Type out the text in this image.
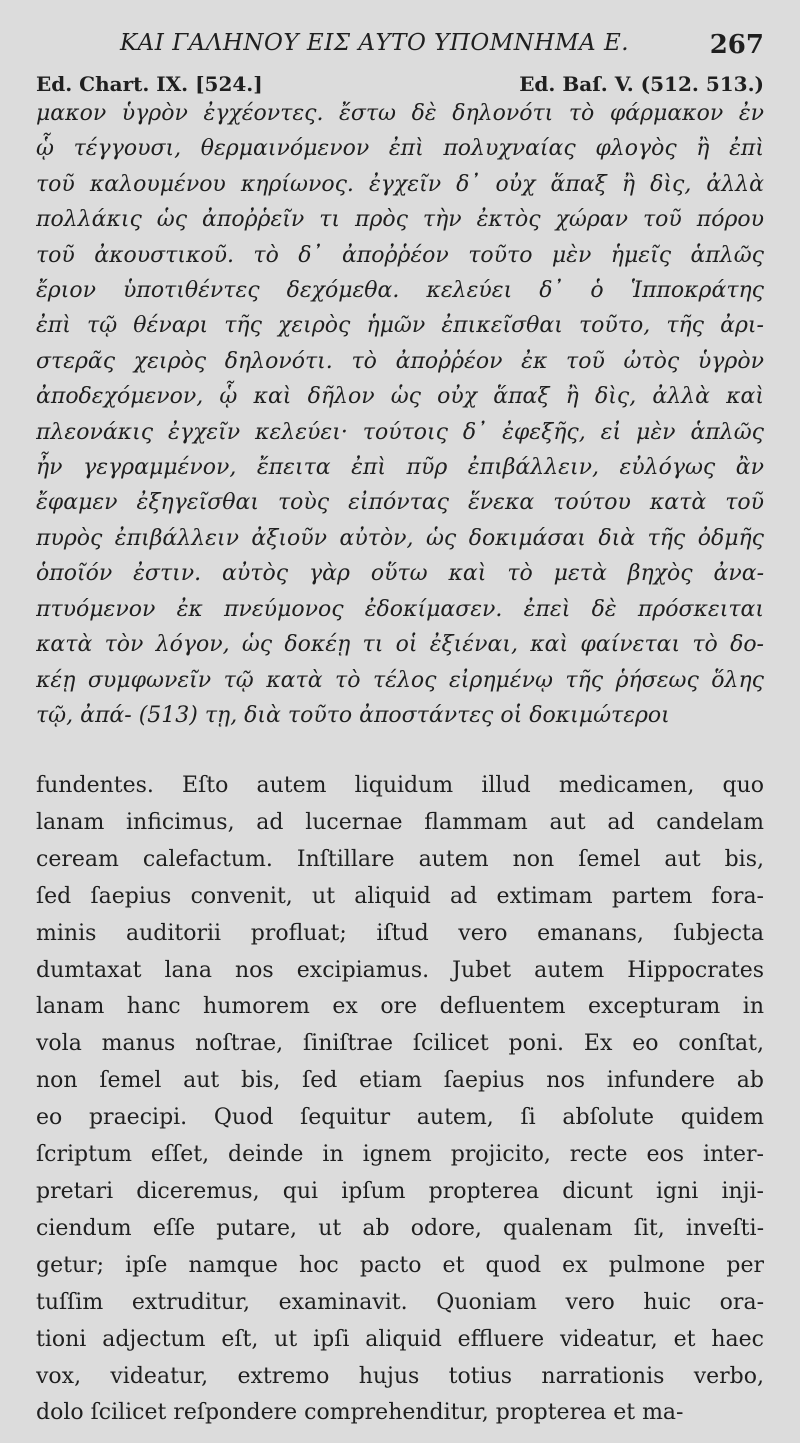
ΚΑΙ ΓΑΛΗΝΟΥ ΕΙΣ ΑΥΤΟ ΥΠΟΜΝΗΜΑ Ε.	267
Ed. Chart. IX. [524.]	Ed. Baſ. V. (512. 513.)
μακον ὑγρὸν ἐγχέοντες. ἔστω δὲ δηλονότι τὸ φάρμακον ἐν
ᾧ τέγγουσι, θερμαινόμενον ἐπὶ πολυχναίας φλογὸς ἢ ἐπὶ
τοῦ καλουμένου κηρίωνος. ἐγχεῖν δ᾽ οὐχ ἅπαξ ἢ δὶς, ἀλλὰ
πολλάκις ὡς ἀποῤῥεῖν τι πρὸς τὴν ἐκτὸς χώραν τοῦ πόρου
τοῦ ἀκουστικοῦ. τὸ δ᾽ ἀποῤῥέον τοῦτο μὲν ἡμεῖς ἁπλῶς
ἔριον ὑποτιθέντες δεχόμεθα. κελεύει δ᾽ ὁ Ἱπποκράτης
ἐπὶ τῷ θέναρι τῆς χειρὸς ἡμῶν ἐπικεῖσθαι τοῦτο, τῆς ἀρι-
στερᾶς χειρὸς δηλονότι. τὸ ἀποῤῥέον ἐκ τοῦ ὠτὸς ὑγρὸν
ἀποδεχόμενον, ᾧ καὶ δῆλον ὡς οὐχ ἅπαξ ἢ δὶς, ἀλλὰ καὶ
πλεονάκις ἐγχεῖν κελεύει· τούτοις δ᾽ ἐφεξῆς, εἰ μὲν ἁπλῶς
ἦν γεγραμμένον, ἔπειτα ἐπὶ πῦρ ἐπιβάλλειν, εὐλόγως ἂν
ἔφαμεν ἐξηγεῖσθαι τοὺς εἰπόντας ἕνεκα τούτου κατὰ τοῦ
πυρὸς ἐπιβάλλειν ἀξιοῦν αὐτὸν, ὡς δοκιμάσαι διὰ τῆς ὀδμῆς
ὁποῖόν ἐστιν. αὐτὸς γὰρ οὕτω καὶ τὸ μετὰ βηχὸς ἀνα-
πτυόμενον ἐκ πνεύμονος ἐδοκίμασεν. ἐπεὶ δὲ πρόσκειται
κατὰ τὸν λόγον, ὡς δοκέῃ τι οἱ ἐξιέναι, καὶ φαίνεται τὸ δο-
κέῃ συμφωνεῖν τῷ κατὰ τὸ τέλος εἰρημένῳ τῆς ῥήσεως ὅλης
τῷ, ἀπά- (513) τῃ, διὰ τοῦτο ἀποστάντες οἱ δοκιμώτεροι
fundentes. Eſto autem liquidum illud medicamen, quo
lanam inficimus, ad lucernae flammam aut ad candelam
ceream calefactum. Inſtillare autem non ſemel aut bis,
ſed ſaepius convenit, ut aliquid ad extimam partem fora-
minis auditorii profluat; iſtud vero emanans, ſubjecta
dumtaxat lana nos excipiamus. Jubet autem Hippocrates
lanam hanc humorem ex ore defluentem excepturam in
vola manus noſtrae, ſiniſtrae ſcilicet poni. Ex eo conſtat,
non ſemel aut bis, ſed etiam ſaepius nos infundere ab
eo praecipi. Quod ſequitur autem, ſi abſolute quidem
ſcriptum eſſet, deinde in ignem projicito, recte eos inter-
pretari diceremus, qui ipſum propterea dicunt igni inji-
ciendum eſſe putare, ut ab odore, qualenam ſit, inveſti-
getur; ipſe namque hoc pacto et quod ex pulmone per
tuſſim extruditur, examinavit. Quoniam vero huic ora-
tioni adjectum eſt, ut ipſi aliquid effluere videatur, et haec
vox, videatur, extremo hujus totius narrationis verbo,
dolo ſcilicet reſpondere comprehenditur, propterea et ma-
